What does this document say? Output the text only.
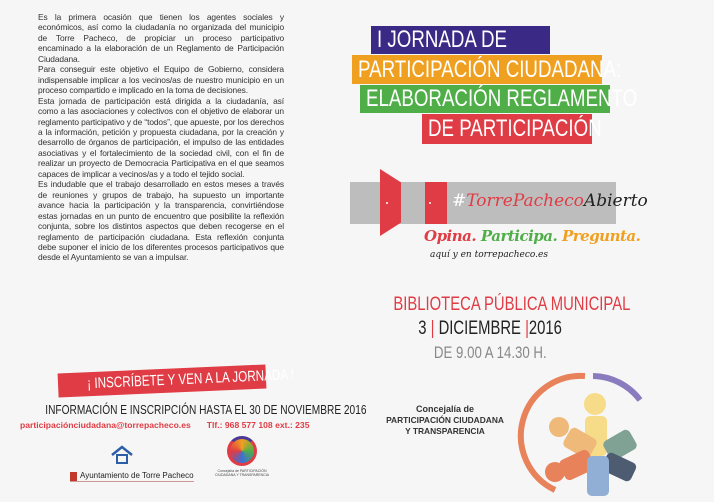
Es la primera ocasión que tienen los agentes sociales y económicos, así como la ciudadanía no organizada del municipio de Torre Pacheco, de propiciar un proceso participativo encaminado a la elaboración de un Reglamento de Participación Ciudadana.

Para conseguir este objetivo el Equipo de Gobierno, considera indispensable implicar a los vecinos/as de nuestro municipio en un proceso compartido e implicado en la toma de decisiones.

Esta jornada de participación está dirigida a la ciudadanía, así como a las asociaciones y colectivos con el objetivo de elaborar un reglamento participativo y de “todos”, que apueste, por los derechos a la información, petición y propuesta ciudadana, por la creación y desarrollo de órganos de participación, el impulso de las entidades asociativas y el fortalecimiento de la sociedad civil, con el fin de realizar un proyecto de Democracia Participativa en el que seamos capaces de implicar a vecinos/as y a todo el tejido social.

Es indudable que el trabajo desarrollado en estos meses a través de reuniones y grupos de trabajo, ha supuesto un importante avance hacia la participación y la transparencia, convirtiéndose estas jornadas en un punto de encuentro que posibilite la reflexión conjunta, sobre los distintos aspectos que deben recogerse en el reglamento de participación ciudadana. Esta reflexión conjunta debe suponer el inicio de los diferentes procesos participativos que desde el Ayuntamiento se van a impulsar.

¡ INSCRÍBETE Y VEN A LA JORNADA !
INFORMACIÓN E INSCRIPCIÓN HASTA EL 30 DE NOVIEMBRE 2016
participaciónciudadana@torrepacheco.es Tlf.: 968 577 108 ext.: 235
Ayuntamiento de Torre Pacheco	Concejalía de PARTICIPACIÓN CIUDADANA Y TRANSPARENCIA
I JORNADA DE
PARTICIPACIÓN CIUDADANA:
ELABORACIÓN REGLAMENTO
DE PARTICIPACIÓN
#TorrePachecoAbierto
Opina. Participa. Pregunta.
aquí y en torrepacheco.es
BIBLIOTECA PÚBLICA MUNICIPAL
3 | DICIEMBRE |2016
DE 9.00 A 14.30 H.
Concejalía de
PARTICIPACIÓN CIUDADANA
Y TRANSPARENCIA
